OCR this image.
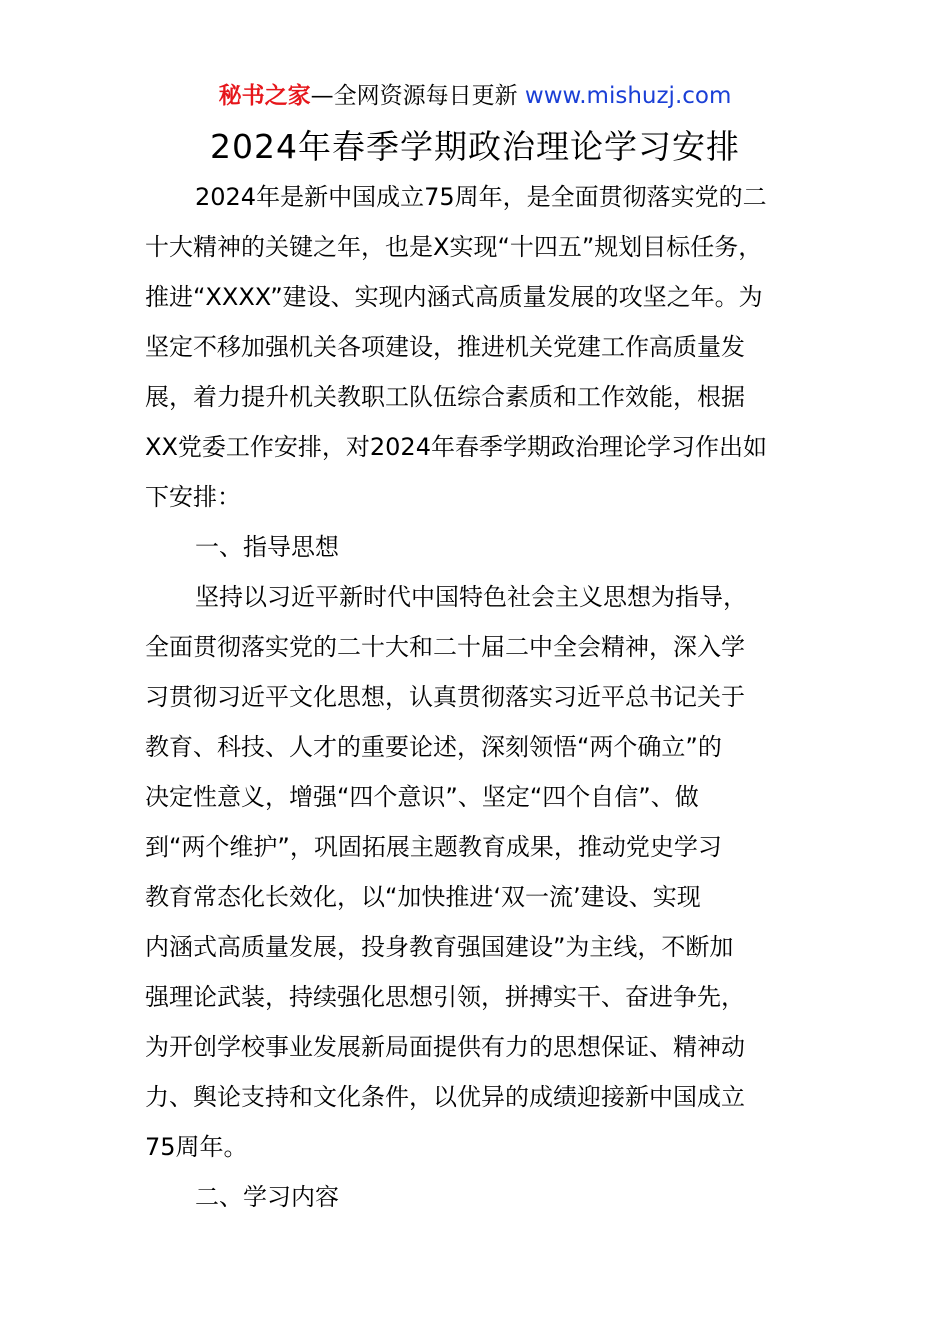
秘书之家—全网资源每日更新 www.mishuzj.com
2024年春季学期政治理论学习安排
2024年是新中国成立75周年，是全面贯彻落实党的二
十大精神的关键之年，也是X实现“十四五”规划目标任务，
推进“XXXX”建设、实现内涵式高质量发展的攻坚之年。为
坚定不移加强机关各项建设，推进机关党建工作高质量发
展，着力提升机关教职工队伍综合素质和工作效能，根据
XX党委工作安排，对2024年春季学期政治理论学习作出如
下安排：
一、指导思想
坚持以习近平新时代中国特色社会主义思想为指导，
全面贯彻落实党的二十大和二十届二中全会精神，深入学
习贯彻习近平文化思想，认真贯彻落实习近平总书记关于
教育、科技、人才的重要论述，深刻领悟“两个确立”的
决定性意义，增强“四个意识”、坚定“四个自信”、做
到“两个维护”，巩固拓展主题教育成果，推动党史学习
教育常态化长效化，以“加快推进‘双一流’建设、实现
内涵式高质量发展，投身教育强国建设”为主线，不断加
强理论武装，持续强化思想引领，拼搏实干、奋进争先，
为开创学校事业发展新局面提供有力的思想保证、精神动
力、舆论支持和文化条件，以优异的成绩迎接新中国成立
75周年。
二、学习内容
